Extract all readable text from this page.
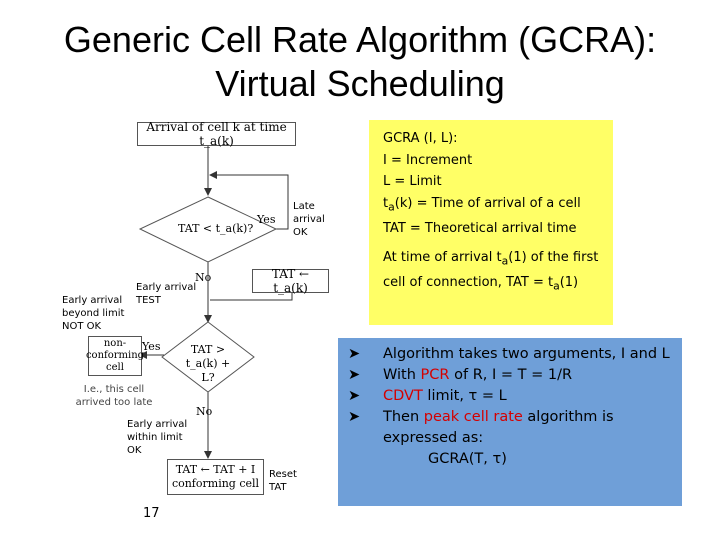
Generic Cell Rate Algorithm (GCRA):
Virtual Scheduling
Arrival of cell k at time t_a(k)
TAT < t_a(k)?
Yes
No	TAT ← t_a(k)
TAT >
t_a(k) + L?
Yes
No
non-
conforming
cell
TAT ← TAT + I
conforming cell
Late
arrival
OK
Early arrival
TEST
Early arrival
beyond limit
NOT OK
I.e., this cell
arrived too late
Early arrival
within limit
OK
Reset
TAT
GCRA (I, L):
I = Increment
L = Limit
$t_a(k)$ = Time of arrival of a cell
TAT = Theoretical arrival time
At time of arrival $t_a(1)$ of the first cell of connection, TAT = $t_a(1)$
➤ Algorithm takes two arguments, I and L
➤ With PCR of R, I = T = 1/R
➤ CDVT limit, τ = L
➤ Then peak cell rate algorithm is expressed as:
GCRA(T, τ)
17
